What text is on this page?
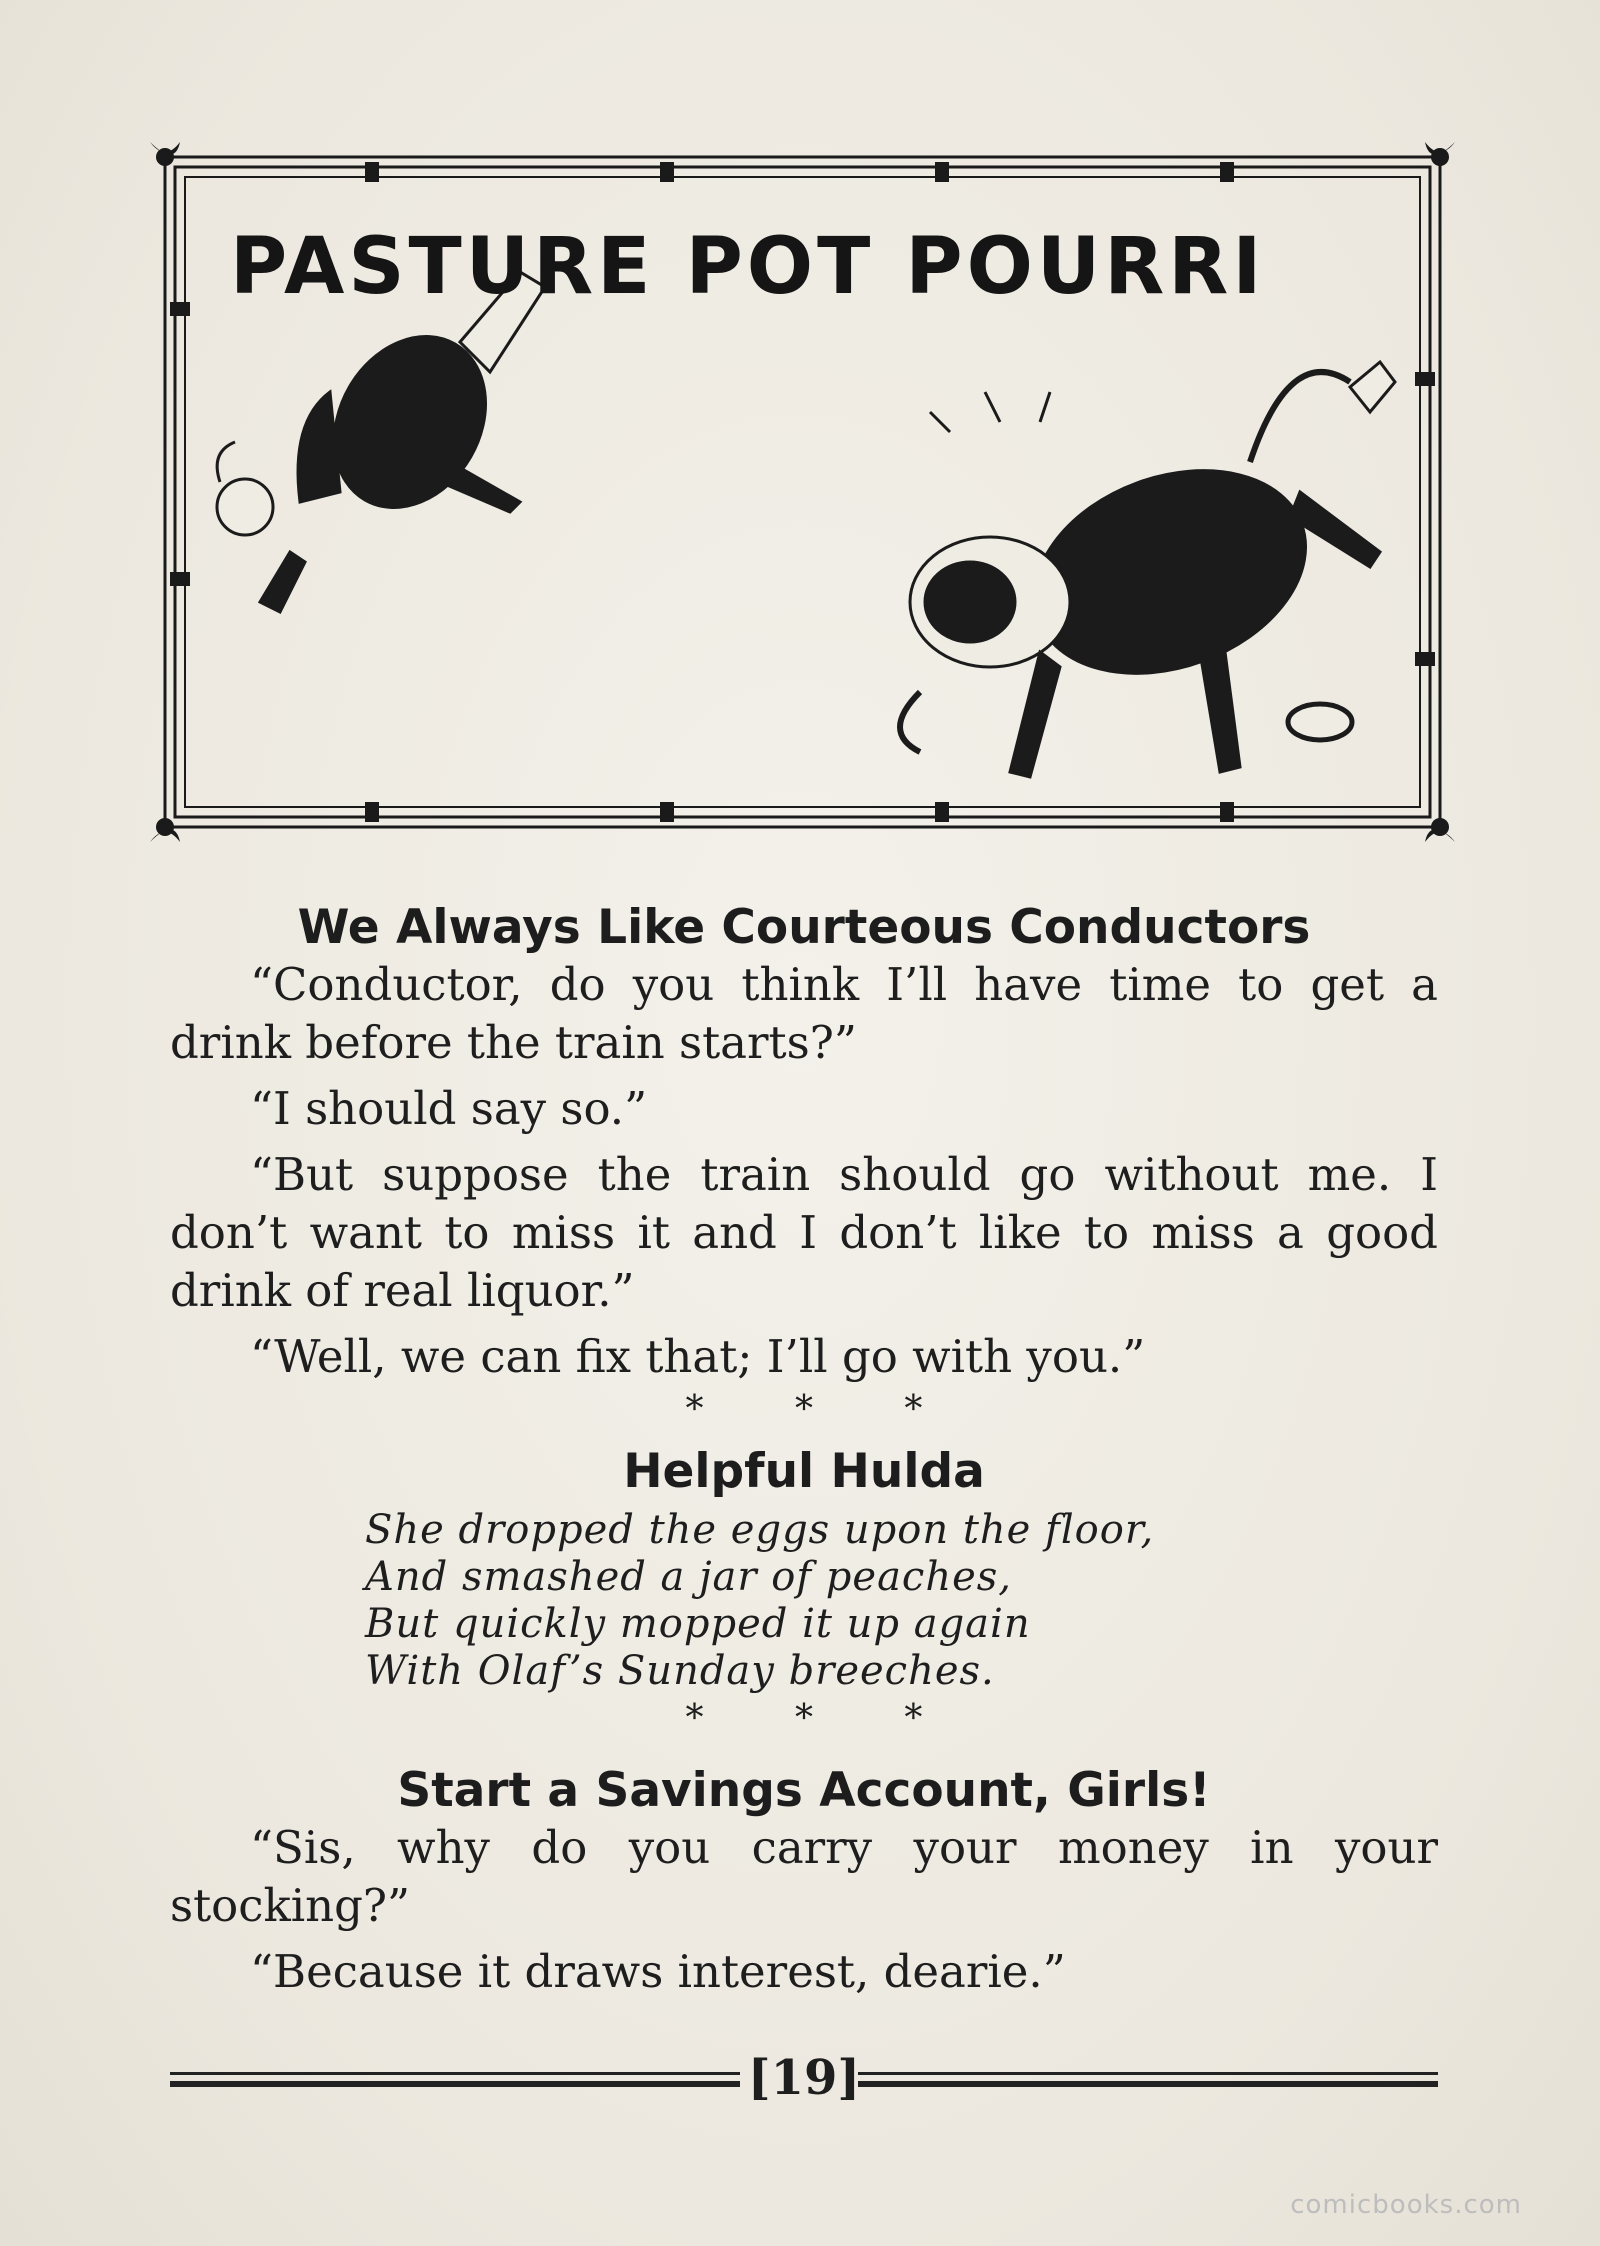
PASTURE POT POURRI
We Always Like Courteous Conductors

“Conductor, do you think I’ll have time to get a drink before the train starts?”

“I should say so.”

“But suppose the train should go without me. I don’t want to miss it and I don’t like to miss a good drink of real liquor.”

“Well, we can fix that; I’ll go with you.”

* * *
Helpful Hulda
She dropped the eggs upon the floor,
And smashed a jar of peaches,
But quickly mopped it up again
With Olaf’s Sunday breeches.
* * *
Start a Savings Account, Girls!

“Sis, why do you carry your money in your stocking?”

“Because it draws interest, dearie.”

[19]
comicbooks.com
